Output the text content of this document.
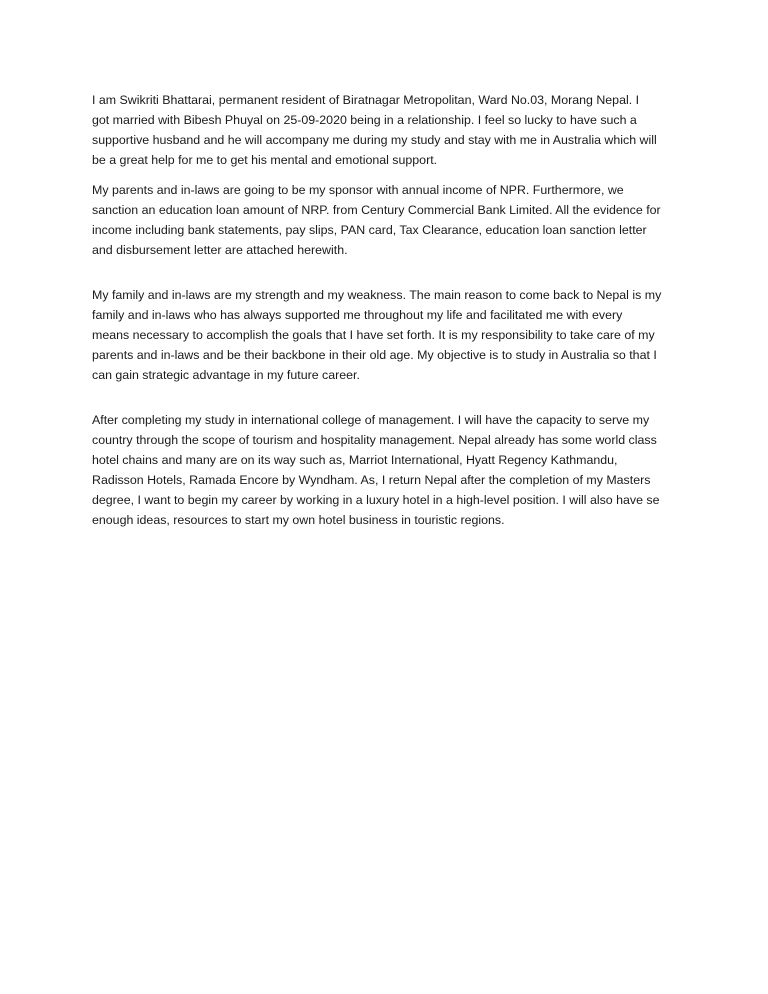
I am Swikriti Bhattarai, permanent resident of Biratnagar Metropolitan, Ward No.03, Morang Nepal. I
got married with Bibesh Phuyal on 25-09-2020 being in a relationship. I feel so lucky to have such a
supportive husband and he will accompany me during my study and stay with me in Australia which will
be a great help for me to get his mental and emotional support.
My parents and in-laws are going to be my sponsor with annual income of NPR. Furthermore, we
sanction an education loan amount of NRP. from Century Commercial Bank Limited. All the evidence for
income including bank statements, pay slips, PAN card, Tax Clearance, education loan sanction letter
and disbursement letter are attached herewith.
My family and in-laws are my strength and my weakness. The main reason to come back to Nepal is my
family and in-laws who has always supported me throughout my life and facilitated me with every
means necessary to accomplish the goals that I have set forth. It is my responsibility to take care of my
parents and in-laws and be their backbone in their old age. My objective is to study in Australia so that I
can gain strategic advantage in my future career.
After completing my study in international college of management. I will have the capacity to serve my
country through the scope of tourism and hospitality management. Nepal already has some world class
hotel chains and many are on its way such as, Marriot International, Hyatt Regency Kathmandu,
Radisson Hotels, Ramada Encore by Wyndham. As, I return Nepal after the completion of my Masters
degree, I want to begin my career by working in a luxury hotel in a high-level position. I will also have se
enough ideas, resources to start my own hotel business in touristic regions.
